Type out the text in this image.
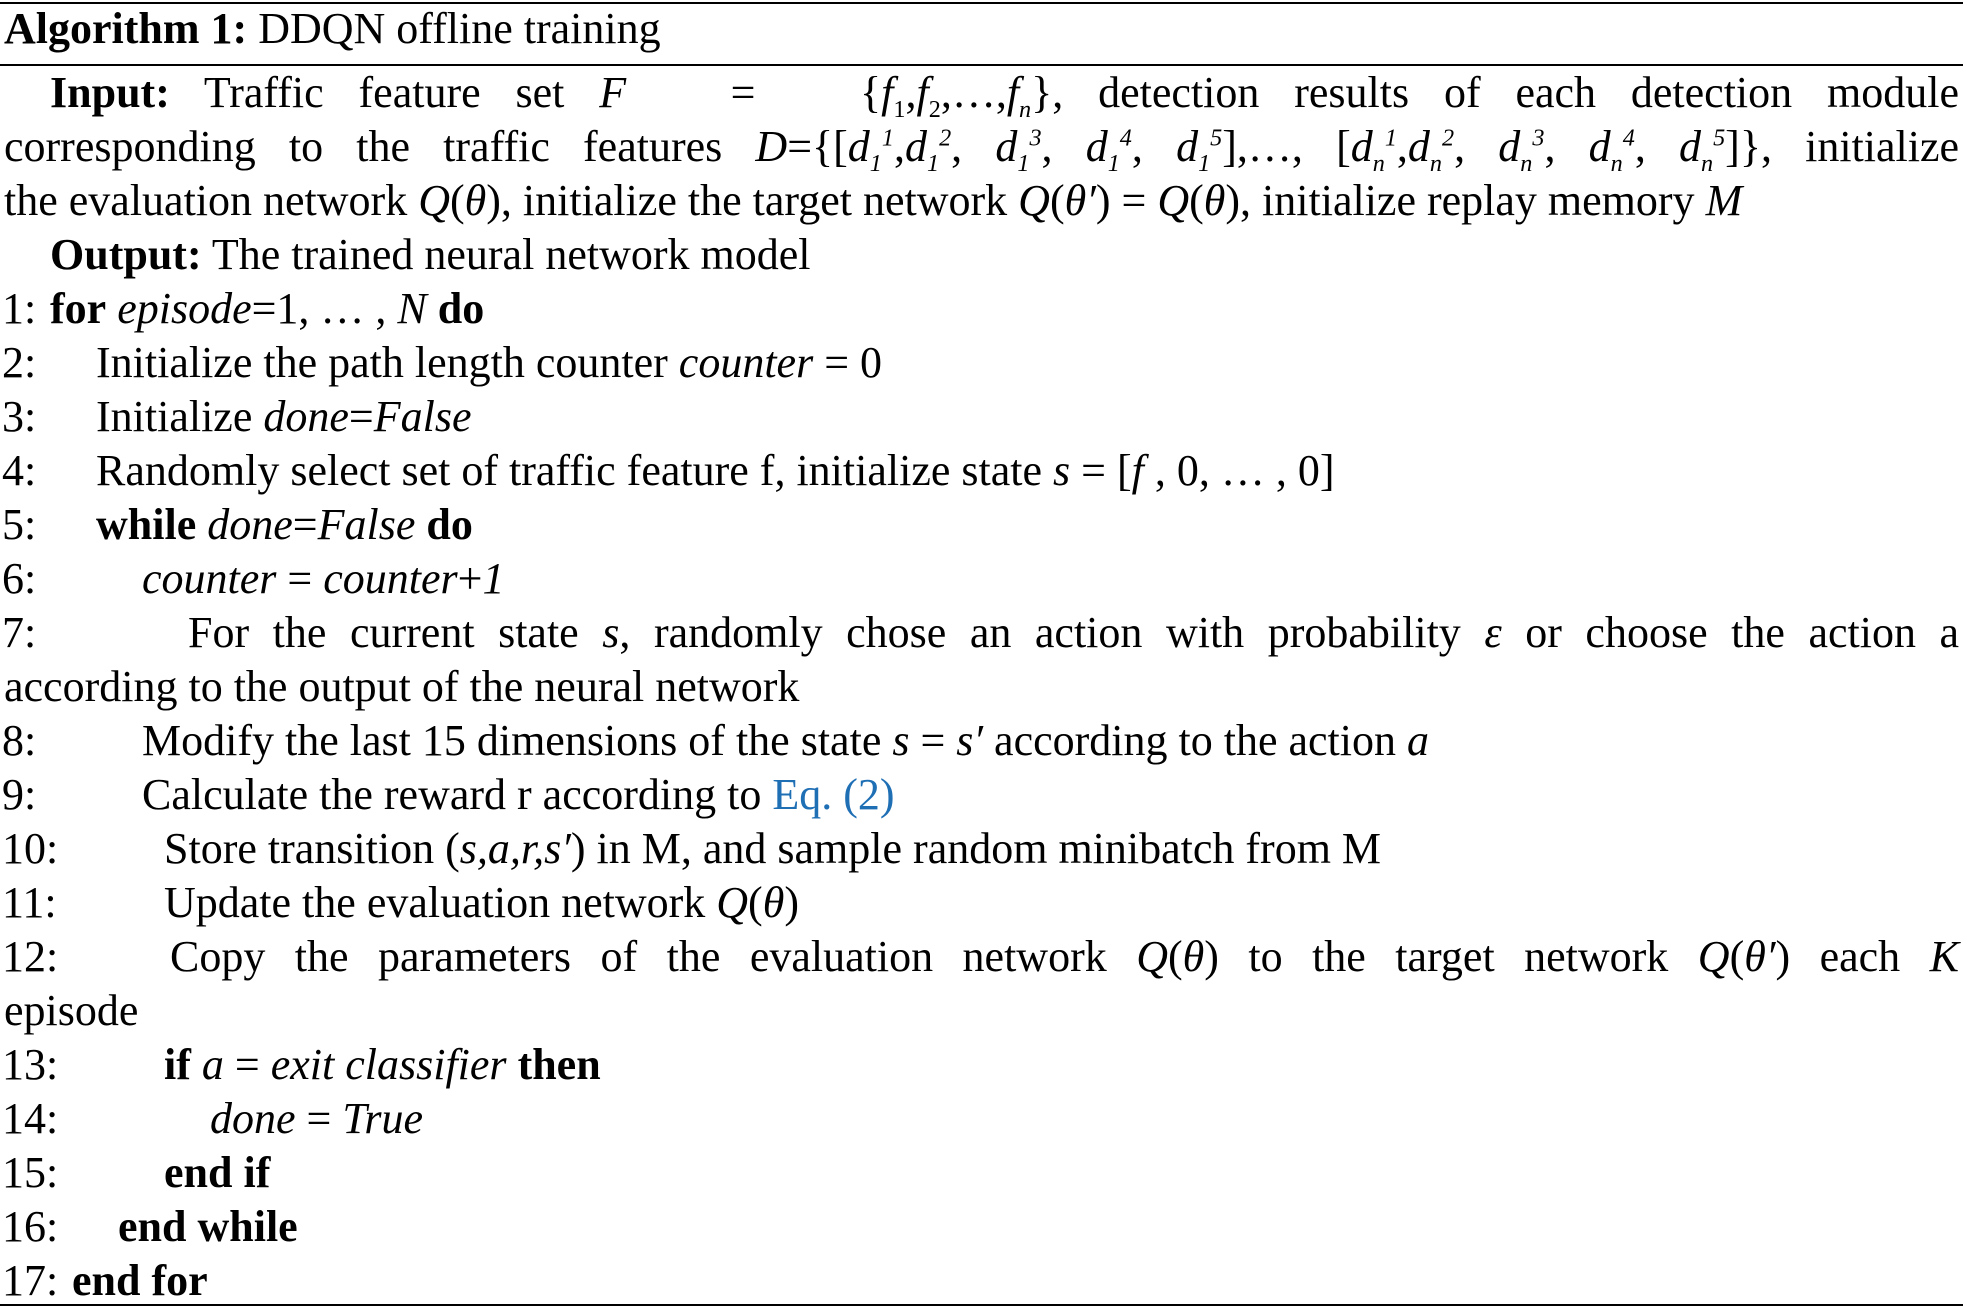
Algorithm 1: DDQN offline training
Input: Traffic feature set $F = \{f_1,f_2,\dots,f_n\}$, detection results of each detection module
corresponding to the traffic features $D=\{[d_1^1,d_1^2$, $d_1^3$, $d_1^4$, $d_1^5],\dots$, [$d_n^1,d_n^2$, $d_n^3$, $d_n^4$, $d_n^5$]}, initialize
the evaluation network Q(θ), initialize the target network Q(θ′) = Q(θ), initialize replay memory M
Output: The trained neural network model
1: for episode=1, … , N do
2: Initialize the path length counter counter = 0
3: Initialize done=False
4: Randomly select set of traffic feature f, initialize state s = [f , 0, … , 0]
5: while done=False do
6: counter = counter+1
7:	For the current state s, randomly chose an action with probability ε or choose the action a
according to the output of the neural network
8: Modify the last 15 dimensions of the state s = s′ according to the action a
9: Calculate the reward r according to Eq. (2)
10: Store transition (s,a,r,s′) in M, and sample random minibatch from M
11: Update the evaluation network Q(θ)
12:	Copy the parameters of the evaluation network Q(θ) to the target network Q(θ′) each K
episode
13: if a = exit classifier then
14:	done = True
15: end if
16: end while
17: end for
